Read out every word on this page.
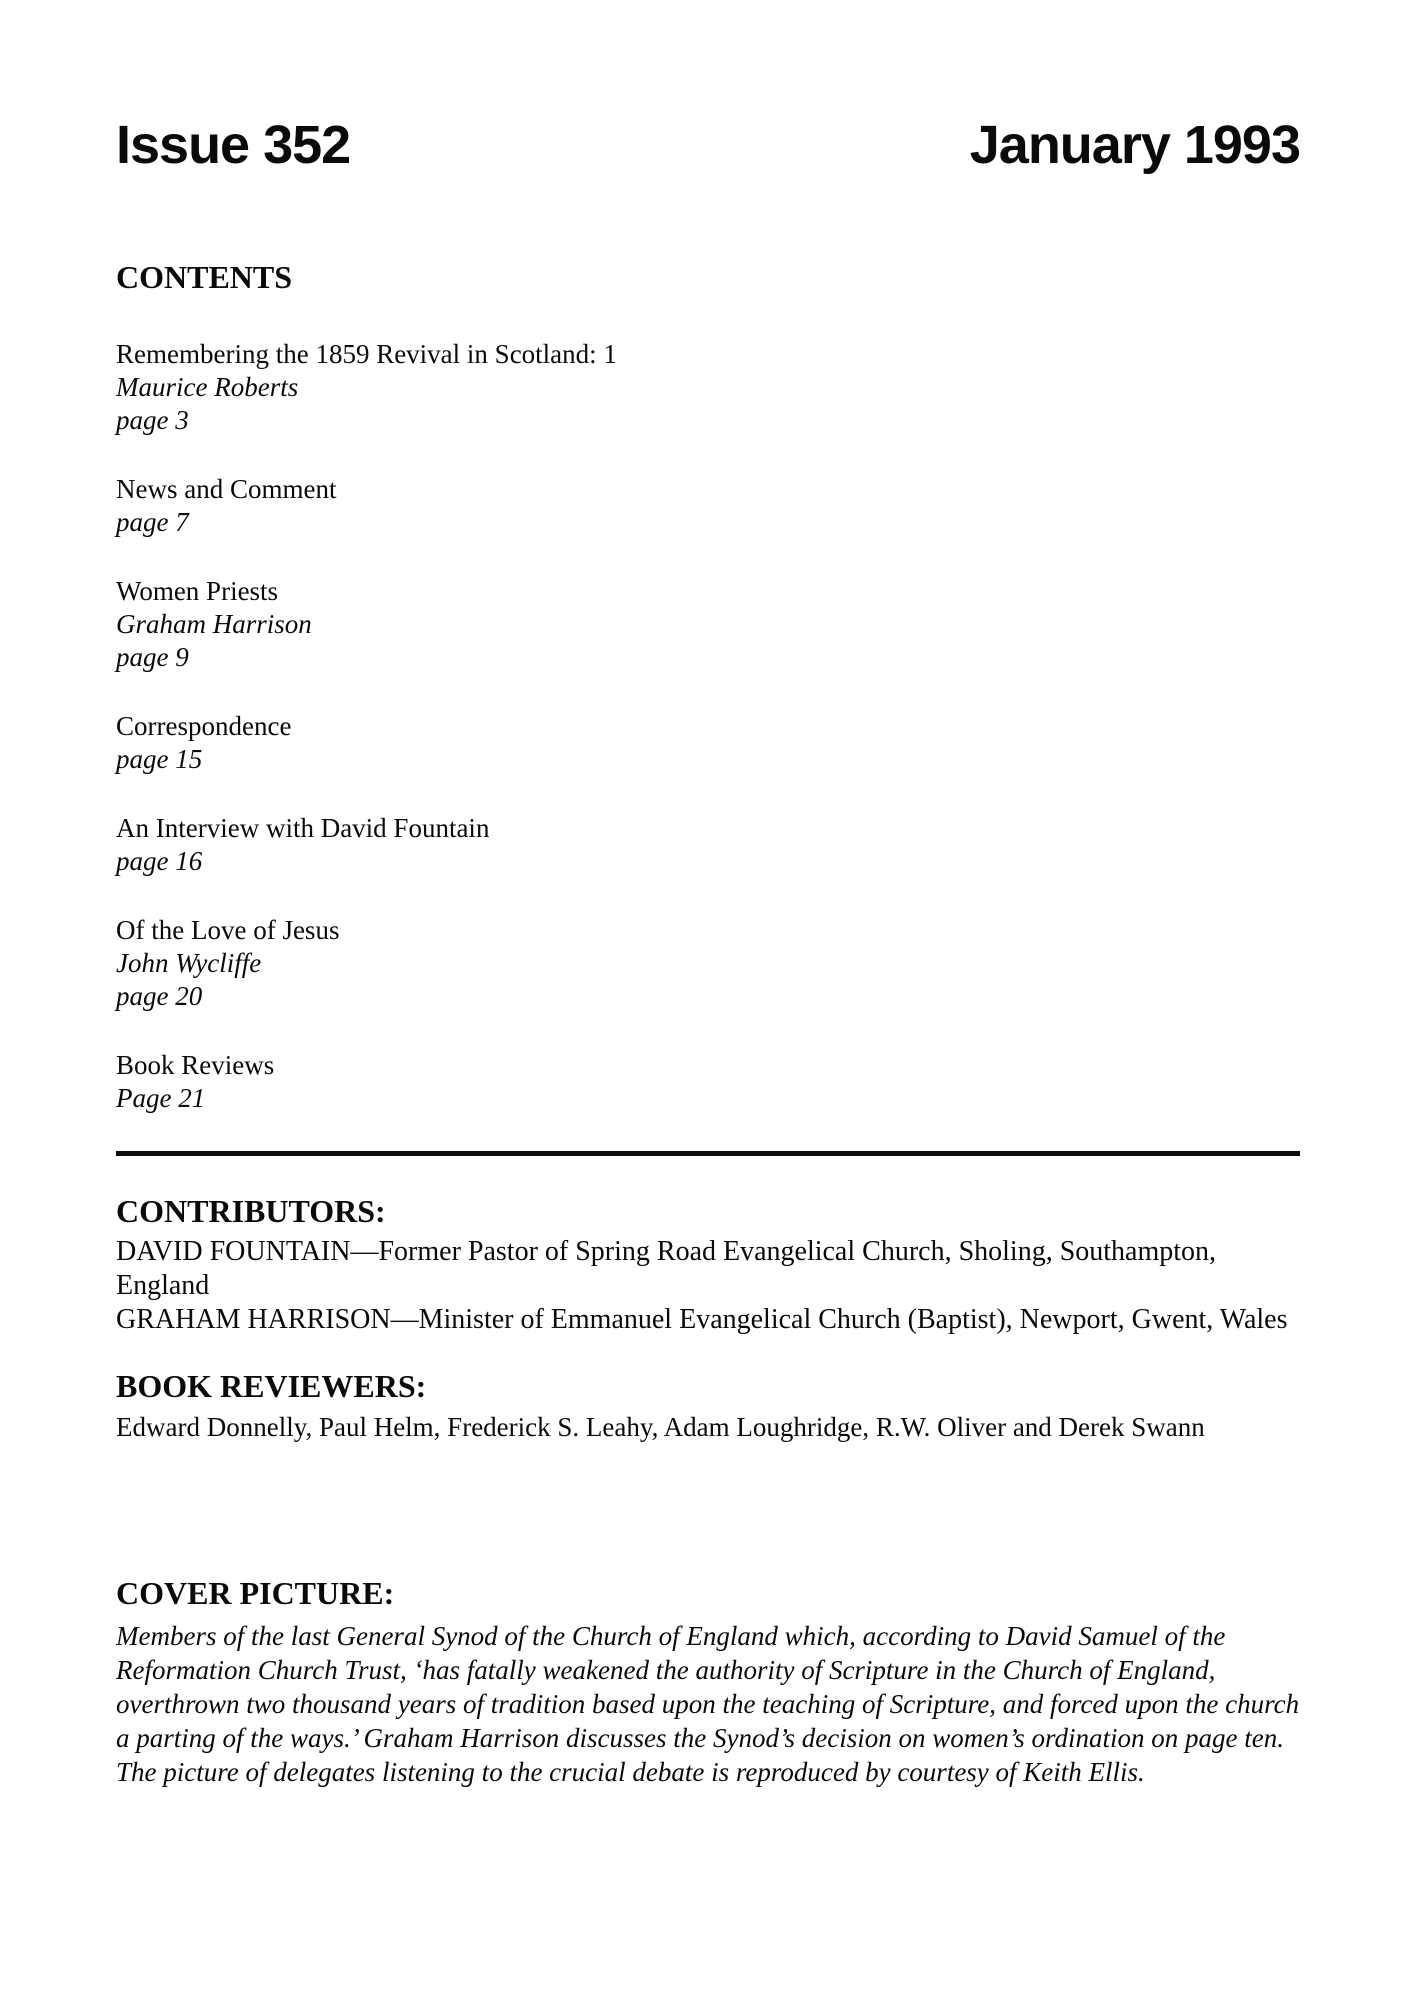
Issue 352	January 1993
CONTENTS
Remembering the 1859 Revival in Scotland: 1
Maurice Roberts
page 3
News and Comment
page 7
Women Priests
Graham Harrison
page 9
Correspondence
page 15
An Interview with David Fountain
page 16
Of the Love of Jesus
John Wycliffe
page 20
Book Reviews
Page 21
CONTRIBUTORS:

DAVID FOUNTAIN—Former Pastor of Spring Road Evangelical Church, Sholing, Southampton, England

GRAHAM HARRISON—Minister of Emmanuel Evangelical Church (Baptist), Newport, Gwent, Wales

BOOK REVIEWERS:

Edward Donnelly, Paul Helm, Frederick S. Leahy, Adam Loughridge, R.W. Oliver and Derek Swann

COVER PICTURE:

Members of the last General Synod of the Church of England which, according to David Samuel of the Reformation Church Trust, ‘has fatally weakened the authority of Scripture in the Church of England, overthrown two thousand years of tradition based upon the teaching of Scripture, and forced upon the church a parting of the ways.’ Graham Harrison discusses the Synod’s decision on women’s ordination on page ten. The picture of delegates listening to the crucial debate is reproduced by courtesy of Keith Ellis.
